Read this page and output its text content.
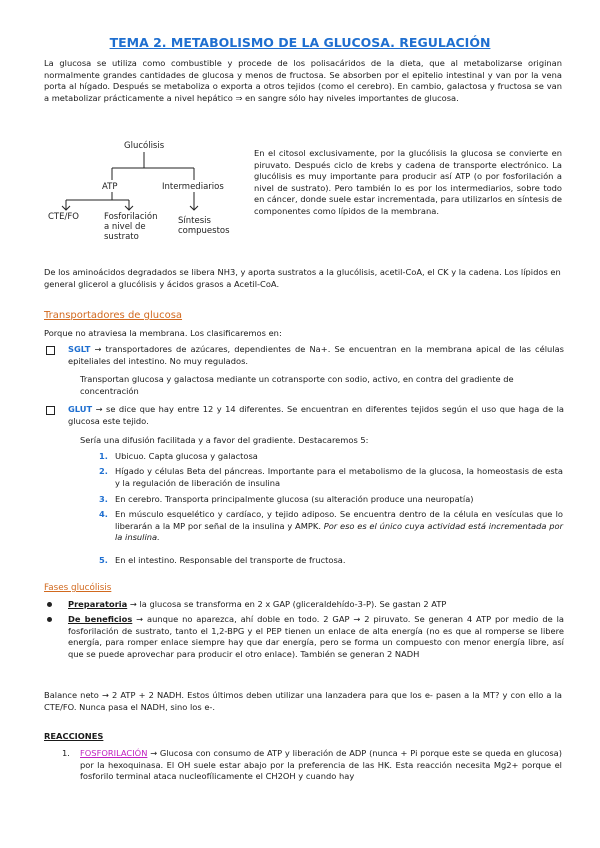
TEMA 2. METABOLISMO DE LA GLUCOSA. REGULACIÓN
La glucosa se utiliza como combustible y procede de los polisacáridos de la dieta, que al metabolizarse originan normalmente grandes cantidades de glucosa y menos de fructosa. Se absorben por el epitelio intestinal y van por la vena porta al hígado. Después se metaboliza o exporta a otros tejidos (como el cerebro). En cambio, galactosa y fructosa se van a metabolizar prácticamente a nivel hepático ⇒ en sangre sólo hay niveles importantes de glucosa.
Glucólisis
ATP	Intermediarios
CTE/FO	Fosforilación
a nivel de
sustrato
Síntesis
compuestos
En el citosol exclusivamente, por la glucólisis la glucosa se convierte en piruvato. Después ciclo de krebs y cadena de transporte electrónico. La glucólisis es muy importante para producir así ATP (o por fosforilación a nivel de sustrato). Pero también lo es por los intermediarios, sobre todo en cáncer, donde suele estar incrementada, para utilizarlos en síntesis de componentes como lípidos de la membrana.
De los aminoácidos degradados se libera NH3, y aporta sustratos a la glucólisis, acetil-CoA, el CK y la cadena. Los lípidos en general glicerol a glucólisis y ácidos grasos a Acetil-CoA.
Transportadores de glucosa
Porque no atraviesa la membrana. Los clasificaremos en:
SGLT → transportadores de azúcares, dependientes de Na+. Se encuentran en la membrana apical de las células epiteliales del intestino. No muy regulados.
Transportan glucosa y galactosa mediante un cotransporte con sodio, activo, en contra del gradiente de concentración
GLUT → se dice que hay entre 12 y 14 diferentes. Se encuentran en diferentes tejidos según el uso que haga de la glucosa este tejido.
Sería una difusión facilitada y a favor del gradiente. Destacaremos 5:
1. Ubicuo. Capta glucosa y galactosa
2. Hígado y células Beta del páncreas. Importante para el metabolismo de la glucosa, la homeostasis de esta y la regulación de liberación de insulina
3. En cerebro. Transporta principalmente glucosa (su alteración produce una neuropatía)
4. En músculo esquelético y cardíaco, y tejido adiposo. Se encuentra dentro de la célula en vesículas que lo liberarán a la MP por señal de la insulina y AMPK. Por eso es el único cuya actividad está incrementada por la insulina.
5. En el intestino. Responsable del transporte de fructosa.
Fases glucólisis
Preparatoria → la glucosa se transforma en 2 x GAP (gliceraldehído-3-P). Se gastan 2 ATP
De beneficios → aunque no aparezca, ahí doble en todo. 2 GAP → 2 piruvato. Se generan 4 ATP por medio de la fosforilación de sustrato, tanto el 1,2-BPG y el PEP tienen un enlace de alta energía (no es que al romperse se libere energía, para romper enlace siempre hay que dar energía, pero se forma un compuesto con menor energía libre, así que se puede aprovechar para producir el otro enlace). También se generan 2 NADH
Balance neto → 2 ATP + 2 NADH. Estos últimos deben utilizar una lanzadera para que los e- pasen a la MT? y con ello a la CTE/FO. Nunca pasa el NADH, sino los e-.
REACCIONES
1.	FOSFORILACIÓN → Glucosa con consumo de ATP y liberación de ADP (nunca + Pi porque este se queda en glucosa) por la hexoquinasa. El OH suele estar abajo por la preferencia de las HK. Esta reacción necesita Mg2+ porque el fosforilo terminal ataca nucleofílicamente el CH2OH y cuando hay
